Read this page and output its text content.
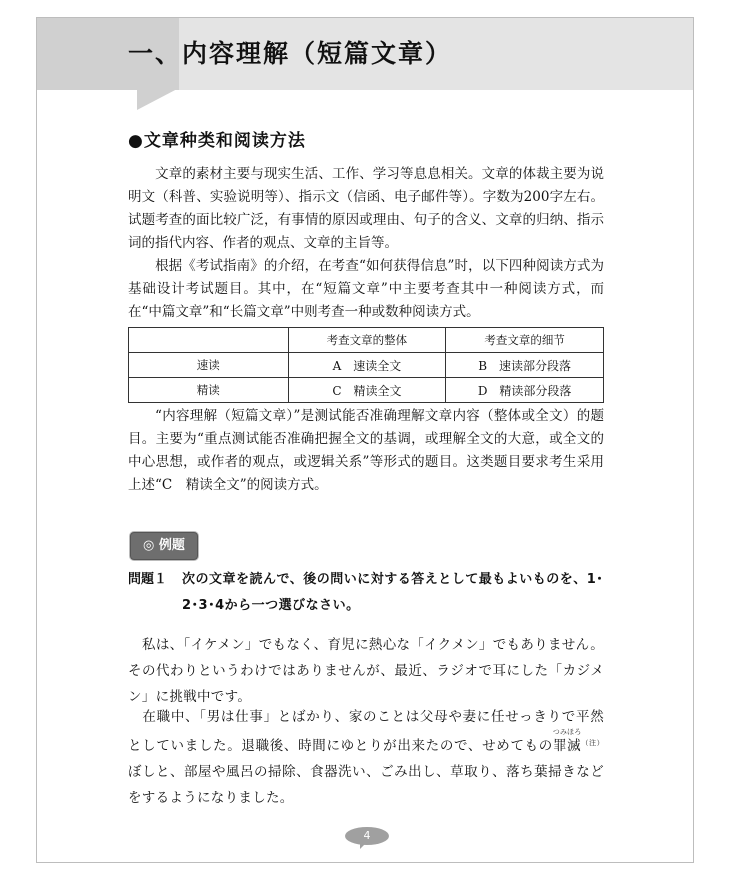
一、内容理解（短篇文章）
●文章种类和阅读方法

文章的素材主要与现实生活、工作、学习等息息相关。文章的体裁主要为说明文（科普、实验说明等）、指示文（信函、电子邮件等）。字数为200字左右。试题考查的面比较广泛，有事情的原因或理由、句子的含义、文章的归纳、指示词的指代内容、作者的观点、文章的主旨等。

根据《考试指南》的介绍，在考查“如何获得信息”时，以下四种阅读方式为基础设计考试题目。其中，在“短篇文章”中主要考查其中一种阅读方式，而在“中篇文章”和“长篇文章”中则考查一种或数种阅读方式。

	考查文章的整体	考查文章的细节
速读	A　速读全文	B　速读部分段落
精读	C　精读全文	D　精读部分段落

“内容理解（短篇文章）”是测试能否准确理解文章内容（整体或全文）的题目。主要为“重点测试能否准确把握全文的基调，或理解全文的大意，或全文的中心思想，或作者的观点，或逻辑关系”等形式的题目。这类题目要求考生采用上述“C　精读全文”的阅读方式。

◎ 例题

問題１ 次の文章を読んで、後の問いに対する答えとして最もよいものを、1･2･3･4から一つ選びなさい。

私は、「イケメン」でもなく、育児に熱心な「イクメン」でもありません。その代わりというわけではありませんが、最近、ラジオで耳にした「カジメン」に挑戦中です。

在職中、「男は仕事」とばかり、家のことは父母や妻に任せっきりで平然としていました。退職後、時間にゆとりが出来たので、せめてもの
つみ
罪
ほろ
滅$^{(注)}$ぼしと、部屋や風呂の掃除、食器洗い、ごみ出し、草取り、落ち葉掃きなどをするようになりました。

4
